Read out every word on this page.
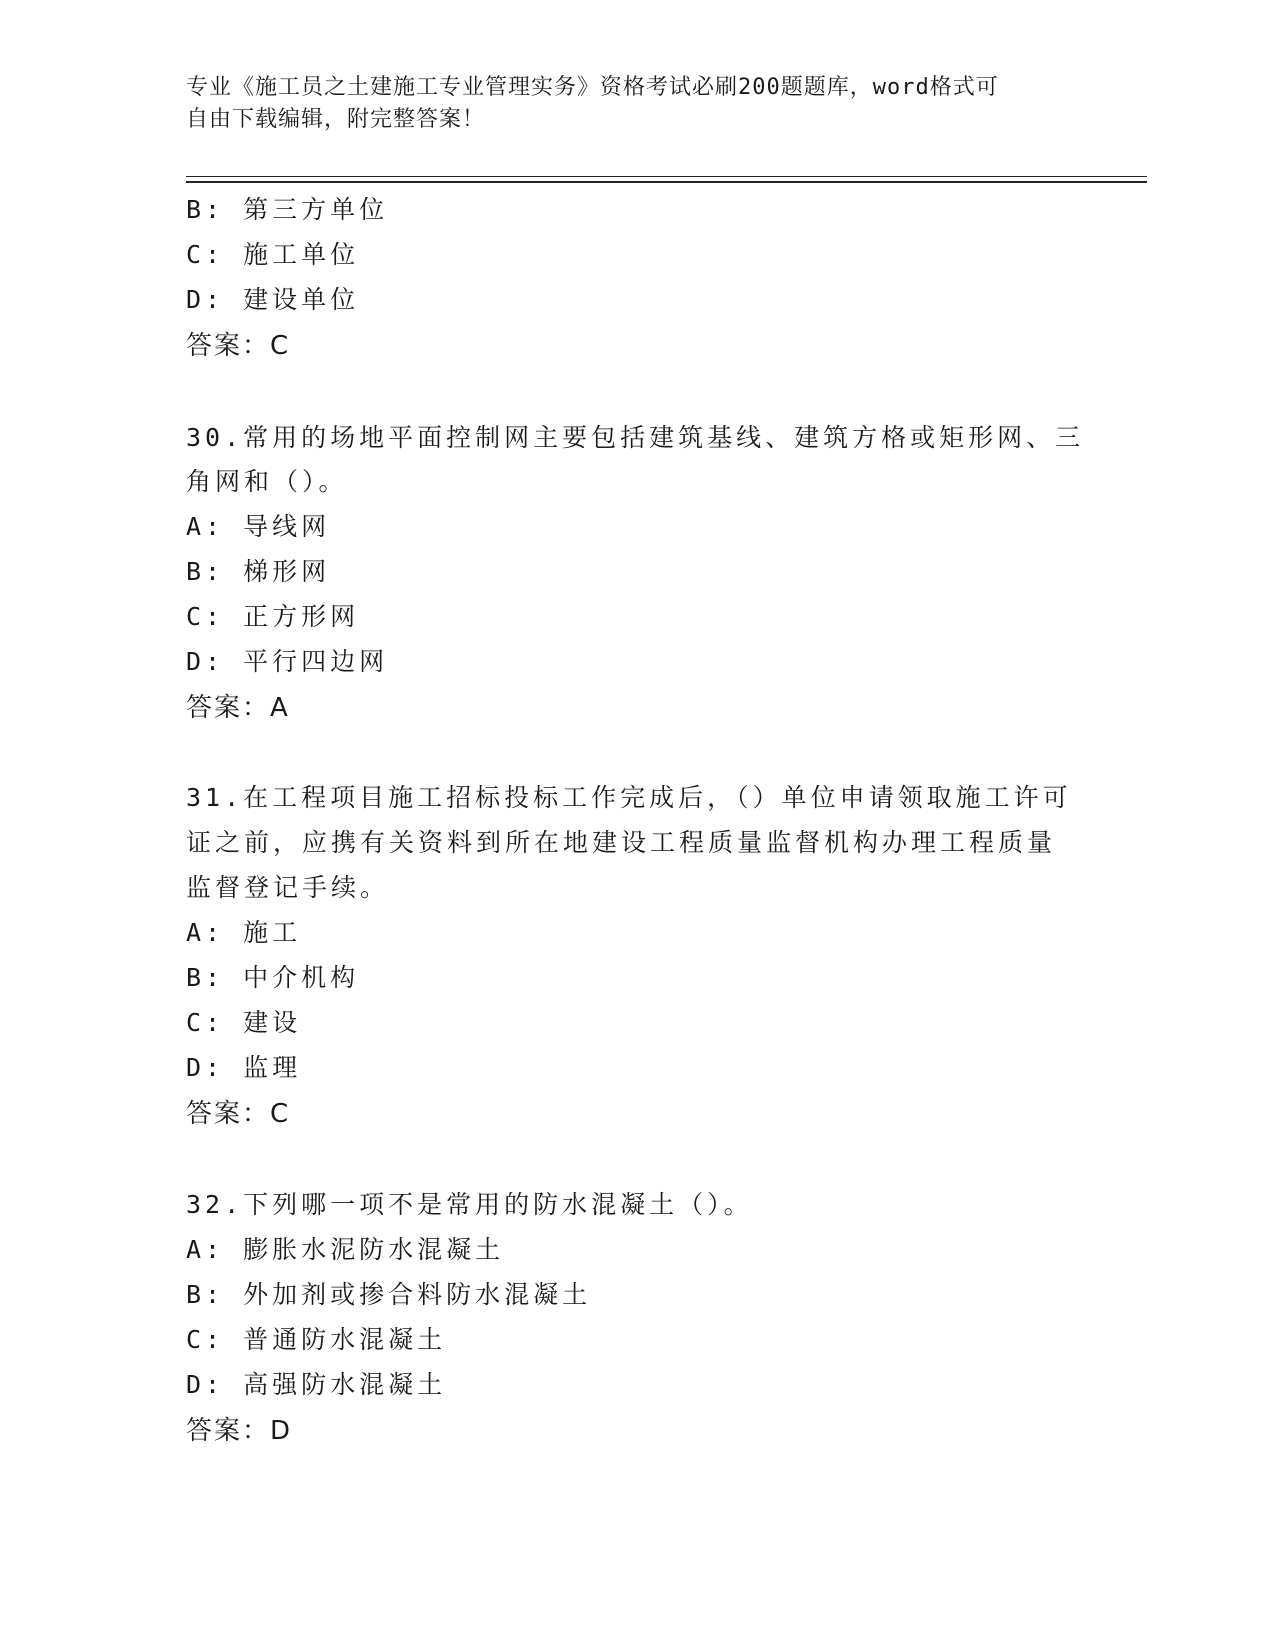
专业《施工员之土建施工专业管理实务》资格考试必刷200题题库，word格式可

自由下载编辑，附完整答案！

B: 第三方单位
C: 施工单位
D: 建设单位
答案：C
30.常用的场地平面控制网主要包括建筑基线、建筑方格或矩形网、三
角网和（）。
A: 导线网
B: 梯形网
C: 正方形网
D: 平行四边网
答案：A
31.在工程项目施工招标投标工作完成后，（）单位申请领取施工许可
证之前，应携有关资料到所在地建设工程质量监督机构办理工程质量
监督登记手续。
A: 施工
B: 中介机构
C: 建设
D: 监理
答案：C
32.下列哪一项不是常用的防水混凝土（）。
A: 膨胀水泥防水混凝土
B: 外加剂或掺合料防水混凝土
C: 普通防水混凝土
D: 高强防水混凝土
答案：D
